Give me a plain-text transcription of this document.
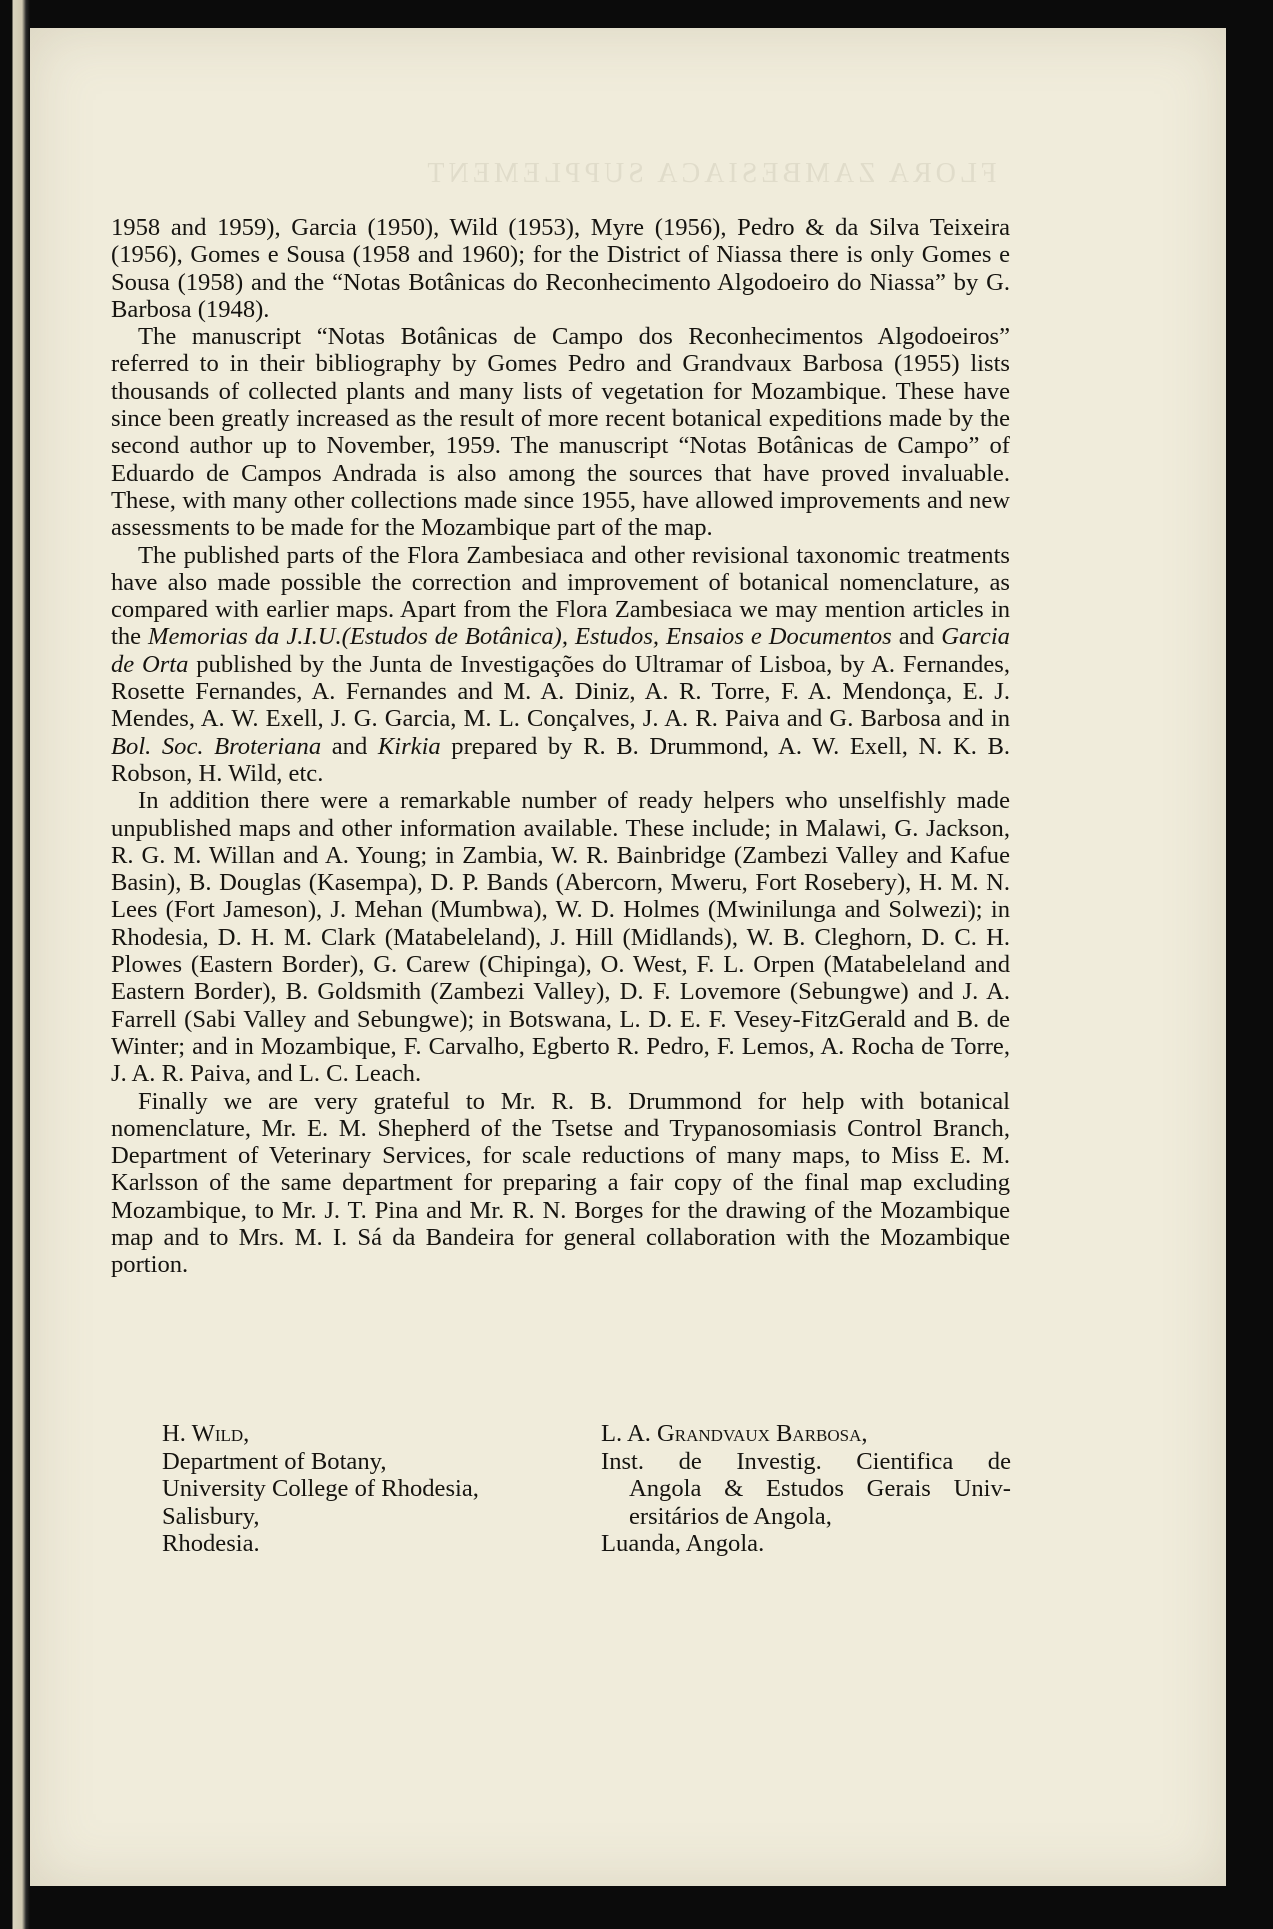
FLORA ZAMBESIACA SUPPLEMENT

1958 and 1959), Garcia (1950), Wild (1953), Myre (1956), Pedro & da Silva Teixeira (1956), Gomes e Sousa (1958 and 1960); for the District of Niassa there is only Gomes e Sousa (1958) and the “Notas Botânicas do Reconhecimento Algodoeiro do Niassa” by G. Barbosa (1948).

The manuscript “Notas Botânicas de Campo dos Reconhecimentos Algodoeiros” referred to in their bibliography by Gomes Pedro and Grandvaux Barbosa (1955) lists thousands of collected plants and many lists of vegetation for Mozambique. These have since been greatly increased as the result of more recent botanical expeditions made by the second author up to November, 1959. The manuscript “Notas Botânicas de Campo” of Eduardo de Campos Andrada is also among the sources that have proved invaluable. These, with many other collections made since 1955, have allowed improvements and new assessments to be made for the Mozambique part of the map.

The published parts of the Flora Zambesiaca and other revisional taxonomic treatments have also made possible the correction and improvement of botanical nomenclature, as compared with earlier maps. Apart from the Flora Zambesiaca we may mention articles in the Memorias da J.I.U.(Estudos de Botânica), Estudos, Ensaios e Documentos and Garcia de Orta published by the Junta de Investigações do Ultramar of Lisboa, by A. Fernandes, Rosette Fernandes, A. Fernandes and M. A. Diniz, A. R. Torre, F. A. Mendonça, E. J. Mendes, A. W. Exell, J. G. Garcia, M. L. Conçalves, J. A. R. Paiva and G. Barbosa and in Bol. Soc. Broteriana and Kirkia prepared by R. B. Drummond, A. W. Exell, N. K. B. Robson, H. Wild, etc.

In addition there were a remarkable number of ready helpers who unselfishly made unpublished maps and other information available. These include; in Malawi, G. Jackson, R. G. M. Willan and A. Young; in Zambia, W. R. Bainbridge (Zambezi Valley and Kafue Basin), B. Douglas (Kasempa), D. P. Bands (Abercorn, Mweru, Fort Rosebery), H. M. N. Lees (Fort Jameson), J. Mehan (Mumbwa), W. D. Holmes (Mwinilunga and Solwezi); in Rhodesia, D. H. M. Clark (Matabeleland), J. Hill (Midlands), W. B. Cleghorn, D. C. H. Plowes (Eastern Border), G. Carew (Chipinga), O. West, F. L. Orpen (Matabeleland and Eastern Border), B. Goldsmith (Zambezi Valley), D. F. Lovemore (Sebungwe) and J. A. Farrell (Sabi Valley and Sebungwe); in Botswana, L. D. E. F. Vesey-FitzGerald and B. de Winter; and in Mozambique, F. Carvalho, Egberto R. Pedro, F. Lemos, A. Rocha de Torre, J. A. R. Paiva, and L. C. Leach.

Finally we are very grateful to Mr. R. B. Drummond for help with botanical nomenclature, Mr. E. M. Shepherd of the Tsetse and Trypanosomiasis Control Branch, Department of Veterinary Services, for scale reductions of many maps, to Miss E. M. Karlsson of the same department for preparing a fair copy of the final map excluding Mozambique, to Mr. J. T. Pina and Mr. R. N. Borges for the drawing of the Mozambique map and to Mrs. M. I. Sá da Bandeira for general collaboration with the Mozambique portion.

H. Wild,
Department of Botany,
University College of Rhodesia,
Salisbury,
Rhodesia.
L. A. Grandvaux Barbosa,
Inst. de Investig. Cientifica de
Angola & Estudos Gerais Univ-
ersitários de Angola,
Luanda, Angola.
